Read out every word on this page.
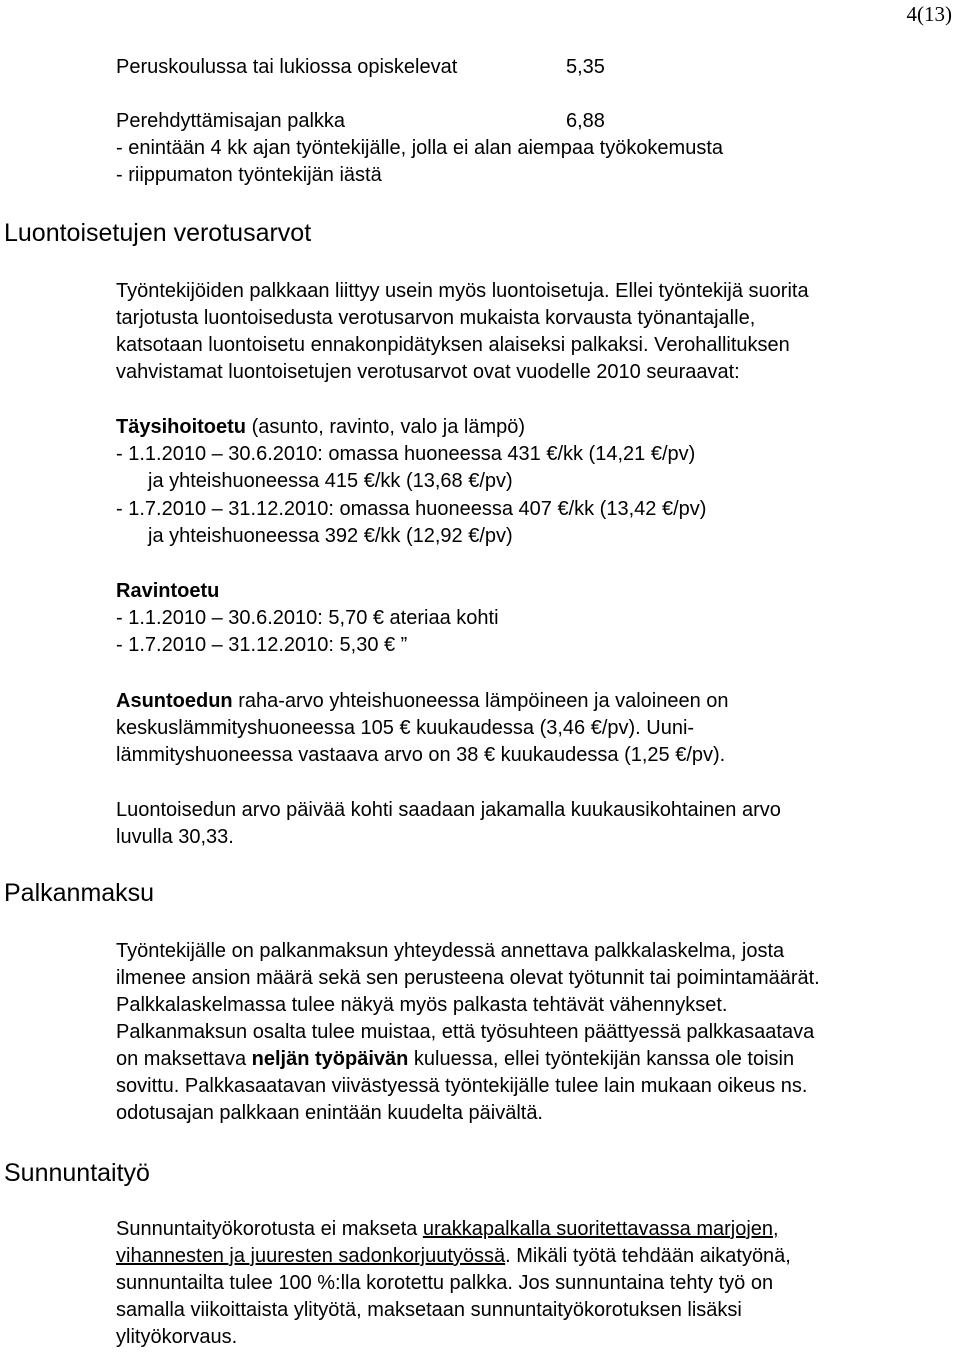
4(13)
Peruskoulussa tai lukiossa opiskelevat	5,35
Perehdyttämisajan palkka	6,88
- enintään 4 kk ajan työntekijälle, jolla ei alan aiempaa työkokemusta
- riippumaton työntekijän iästä
Luontoisetujen verotusarvot
Työntekijöiden palkkaan liittyy usein myös luontoisetuja. Ellei työntekijä suorita
tarjotusta luontoisedusta verotusarvon mukaista korvausta työnantajalle,
katsotaan luontoisetu ennakonpidätyksen alaiseksi palkaksi. Verohallituksen
vahvistamat luontoisetujen verotusarvot ovat vuodelle 2010 seuraavat:
Täysihoitoetu (asunto, ravinto, valo ja lämpö)
- 1.1.2010 – 30.6.2010: omassa huoneessa 431 €/kk (14,21 €/pv)
ja yhteishuoneessa 415 €/kk (13,68 €/pv)
- 1.7.2010 – 31.12.2010: omassa huoneessa 407 €/kk (13,42 €/pv)
ja yhteishuoneessa 392 €/kk (12,92 €/pv)
Ravintoetu
- 1.1.2010 – 30.6.2010: 5,70 € ateriaa kohti
- 1.7.2010 – 31.12.2010: 5,30 € ”
Asuntoedun raha-arvo yhteishuoneessa lämpöineen ja valoineen on
keskuslämmityshuoneessa 105 € kuukaudessa (3,46 €/pv). Uuni-
lämmityshuoneessa vastaava arvo on 38 € kuukaudessa (1,25 €/pv).
Luontoisedun arvo päivää kohti saadaan jakamalla kuukausikohtainen arvo
luvulla 30,33.
Palkanmaksu
Työntekijälle on palkanmaksun yhteydessä annettava palkkalaskelma, josta
ilmenee ansion määrä sekä sen perusteena olevat työtunnit tai poimintamäärät.
Palkkalaskelmassa tulee näkyä myös palkasta tehtävät vähennykset.
Palkanmaksun osalta tulee muistaa, että työsuhteen päättyessä palkkasaatava
on maksettava neljän työpäivän kuluessa, ellei työntekijän kanssa ole toisin
sovittu. Palkkasaatavan viivästyessä työntekijälle tulee lain mukaan oikeus ns.
odotusajan palkkaan enintään kuudelta päivältä.
Sunnuntaityö
Sunnuntaityökorotusta ei makseta urakkapalkalla suoritettavassa marjojen,
vihannesten ja juuresten sadonkorjuutyössä. Mikäli työtä tehdään aikatyönä,
sunnuntailta tulee 100 %:lla korotettu palkka. Jos sunnuntaina tehty työ on
samalla viikoittaista ylityötä, maksetaan sunnuntaityökorotuksen lisäksi
ylityökorvaus.
